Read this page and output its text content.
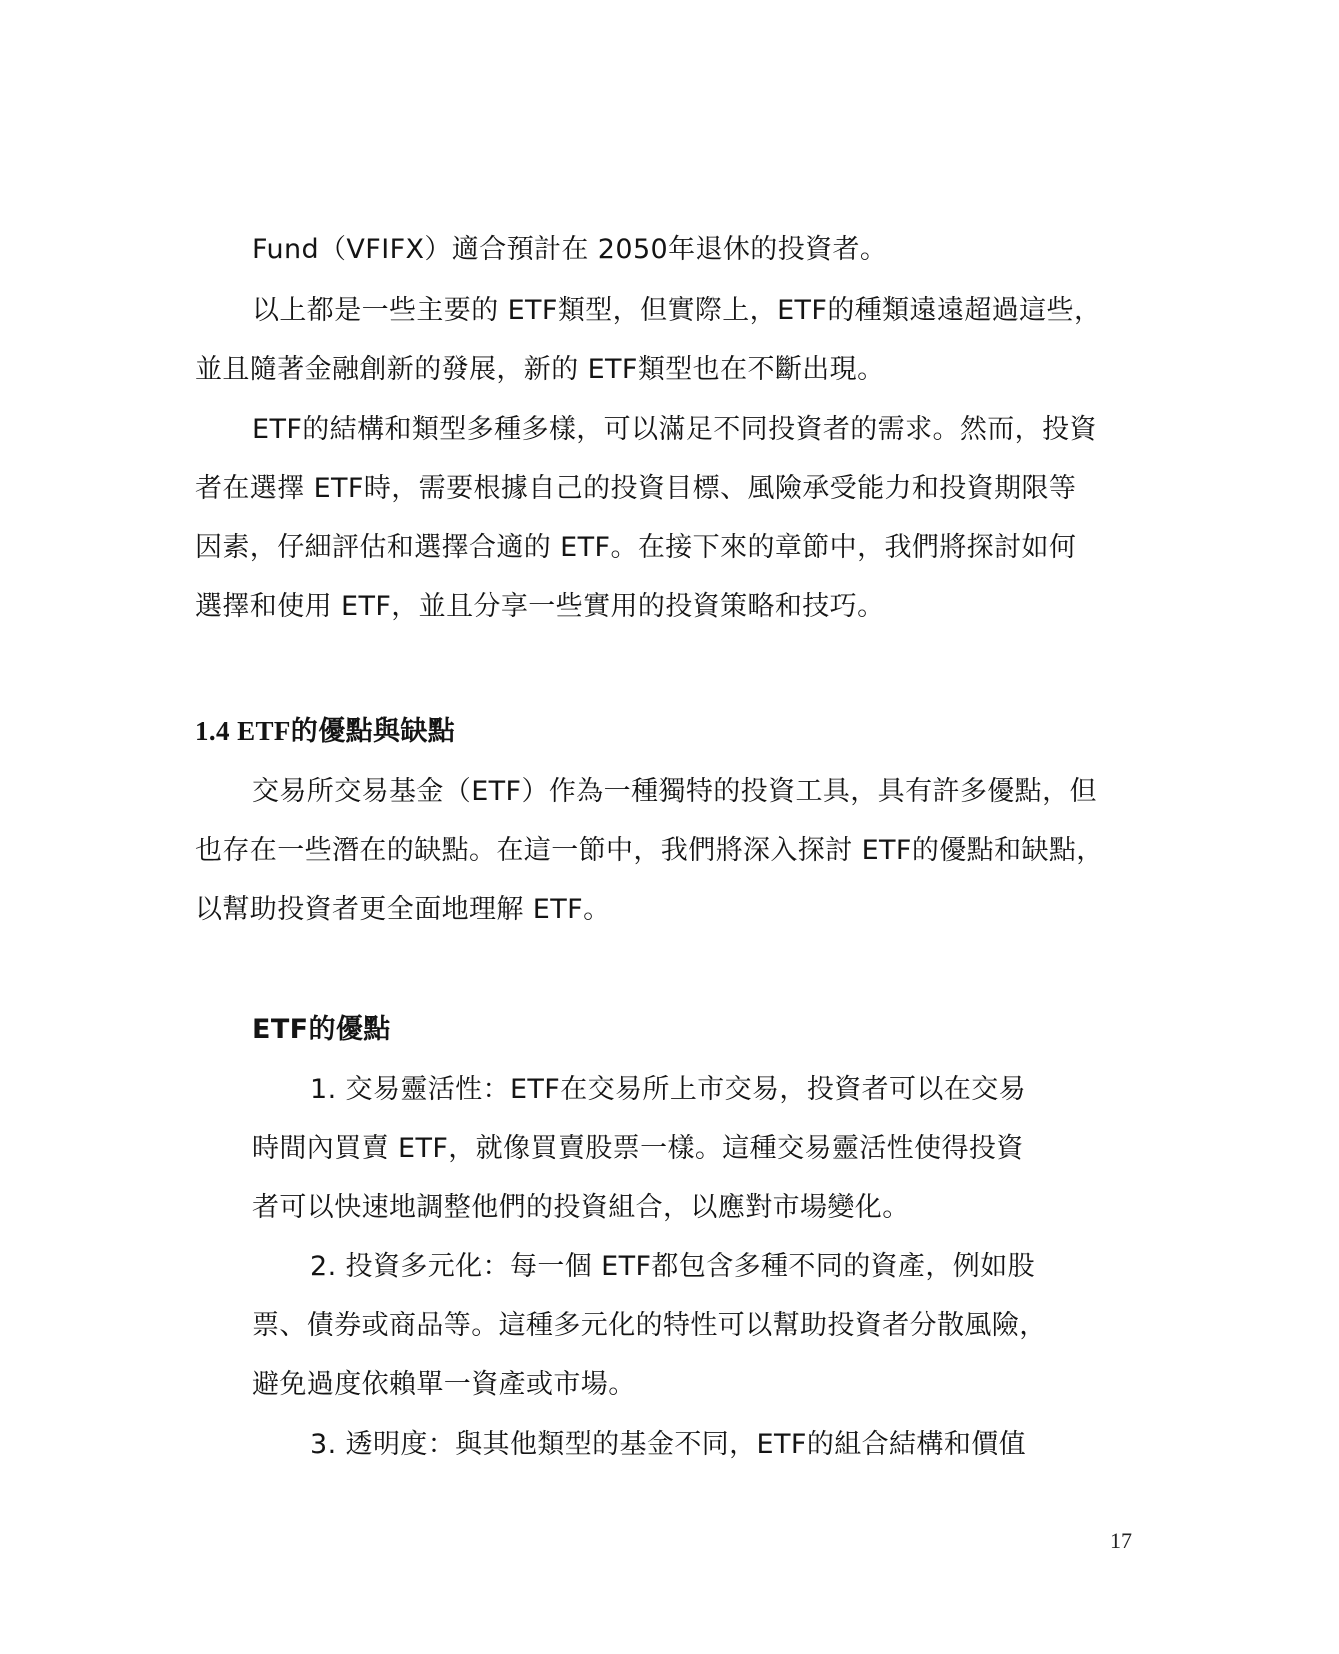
Fund（VFIFX）適合預計在 2050年退休的投資者。
以上都是一些主要的 ETF類型，但實際上，ETF的種類遠遠超過這些，
並且隨著金融創新的發展，新的 ETF類型也在不斷出現。
ETF的結構和類型多種多樣，可以滿足不同投資者的需求。然而，投資
者在選擇 ETF時，需要根據自己的投資目標、風險承受能力和投資期限等
因素，仔細評估和選擇合適的 ETF。在接下來的章節中，我們將探討如何
選擇和使用 ETF，並且分享一些實用的投資策略和技巧。
1.4 ETF的優點與缺點
交易所交易基金（ETF）作為一種獨特的投資工具，具有許多優點，但
也存在一些潛在的缺點。在這一節中，我們將深入探討 ETF的優點和缺點，
以幫助投資者更全面地理解 ETF。
ETF的優點
1. 交易靈活性：ETF在交易所上市交易，投資者可以在交易
時間內買賣 ETF，就像買賣股票一樣。這種交易靈活性使得投資
者可以快速地調整他們的投資組合，以應對市場變化。
2. 投資多元化：每一個 ETF都包含多種不同的資產，例如股
票、債券或商品等。這種多元化的特性可以幫助投資者分散風險，
避免過度依賴單一資產或市場。
3. 透明度：與其他類型的基金不同，ETF的組合結構和價值
17
